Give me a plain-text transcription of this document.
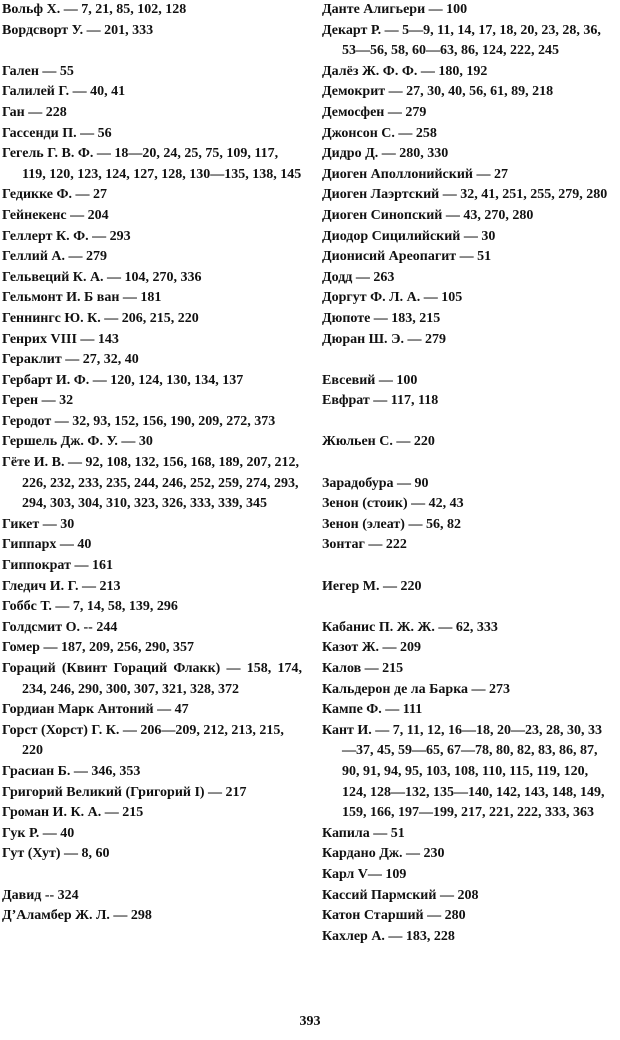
Вольф Х. — 7, 21, 85, 102, 128
Вордсворт У. — 201, 333
Гален — 55
Галилей Г. — 40, 41
Ган — 228
Гассенди П. — 56
Гегель Г. В. Ф. — 18—20, 24, 25, 75, 109, 117, 119, 120, 123, 124, 127, 128, 130—135, 138, 145
Гедикке Ф. — 27
Гейнекенс — 204
Геллерт К. Ф. — 293
Геллий А. — 279
Гельвеций К. А. — 104, 270, 336
Гельмонт И. Б ван — 181
Геннингс Ю. К. — 206, 215, 220
Генрих VIII — 143
Гераклит — 27, 32, 40
Гербарт И. Ф. — 120, 124, 130, 134, 137
Герен — 32
Геродот — 32, 93, 152, 156, 190, 209, 272, 373
Гершель Дж. Ф. У. — 30
Гёте И. В. — 92, 108, 132, 156, 168, 189, 207, 212, 226, 232, 233, 235, 244, 246, 252, 259, 274, 293, 294, 303, 304, 310, 323, 326, 333, 339, 345
Гикет — 30
Гиппарх — 40
Гиппократ — 161
Гледич И. Г. — 213
Гоббс Т. — 7, 14, 58, 139, 296
Голдсмит О. -- 244
Гомер — 187, 209, 256, 290, 357
Гораций (Квинт Гораций Флакк) — 158, 174, 234, 246, 290, 300, 307, 321, 328, 372
Гордиан Марк Антоний — 47
Горст (Хорст) Г. К. — 206—209, 212, 213, 215, 220
Грасиан Б. — 346, 353
Григорий Великий (Григорий I) — 217
Громан И. К. А. — 215
Гук Р. — 40
Гут (Хут) — 8, 60
Давид -- 324
Д’Аламбер Ж. Л. — 298
Данте Алигьери — 100
Декарт Р. — 5—9, 11, 14, 17, 18, 20, 23, 28, 36, 53—56, 58, 60—63, 86, 124, 222, 245
Далёз Ж. Ф. Ф. — 180, 192
Демокрит — 27, 30, 40, 56, 61, 89, 218
Демосфен — 279
Джонсон С. — 258
Дидро Д. — 280, 330
Диоген Аполлонийский — 27
Диоген Лаэртский — 32, 41, 251, 255, 279, 280
Диоген Синопский — 43, 270, 280
Диодор Сицилийский — 30
Дионисий Ареопагит — 51
Додд — 263
Доргут Ф. Л. А. — 105
Дюпоте — 183, 215
Дюран Ш. Э. — 279
Евсевий — 100
Евфрат — 117, 118
Жюльен С. — 220
Зарадобура — 90
Зенон (стоик) — 42, 43
Зенон (элеат) — 56, 82
Зонтаг — 222
Иегер М. — 220
Кабанис П. Ж. Ж. — 62, 333
Казот Ж. — 209
Калов — 215
Кальдерон де ла Барка — 273
Кампе Ф. — 111
Кант И. — 7, 11, 12, 16—18, 20—23, 28, 30, 33—37, 45, 59—65, 67—78, 80, 82, 83, 86, 87, 90, 91, 94, 95, 103, 108, 110, 115, 119, 120, 124, 128—132, 135—140, 142, 143, 148, 149, 159, 166, 197—199, 217, 221, 222, 333, 363
Капила — 51
Кардано Дж. — 230
Карл V— 109
Кассий Пармский — 208
Катон Старший — 280
Кахлер А. — 183, 228
393
